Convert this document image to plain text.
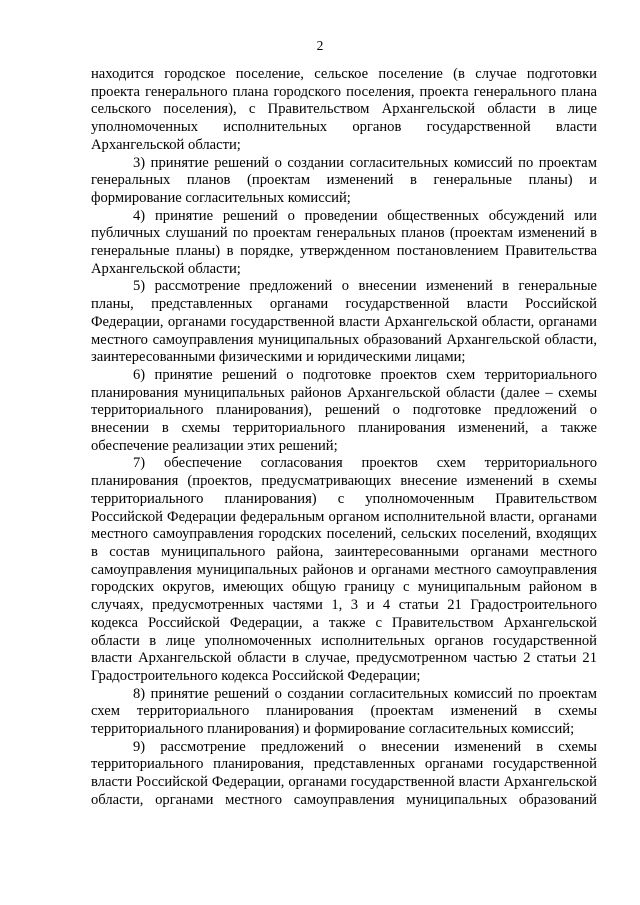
2

находится городское поселение, сельское поселение (в случае подготовки проекта генерального плана городского поселения, проекта генерального плана сельского поселения), с Правительством Архангельской области в лице уполномоченных исполнительных органов государственной власти Архангельской области;

3) принятие решений о создании согласительных комиссий по проектам генеральных планов (проектам изменений в генеральные планы) и формирование согласительных комиссий;

4) принятие решений о проведении общественных обсуждений или публичных слушаний по проектам генеральных планов (проектам изменений в генеральные планы) в порядке, утвержденном постановлением Правительства Архангельской области;

5) рассмотрение предложений о внесении изменений в генеральные планы, представленных органами государственной власти Российской Федерации, органами государственной власти Архангельской области, органами местного самоуправления муниципальных образований Архангельской области, заинтересованными физическими и юридическими лицами;

6) принятие решений о подготовке проектов схем территориального планирования муниципальных районов Архангельской области (далее – схемы территориального планирования), решений о подготовке предложений о внесении в схемы территориального планирования изменений, а также обеспечение реализации этих решений;

7) обеспечение согласования проектов схем территориального планирования (проектов, предусматривающих внесение изменений в схемы территориального планирования) с уполномоченным Правительством Российской Федерации федеральным органом исполнительной власти, органами местного самоуправления городских поселений, сельских поселений, входящих в состав муниципального района, заинтересованными органами местного самоуправления муниципальных районов и органами местного самоуправления городских округов, имеющих общую границу с муниципальным районом в случаях, предусмотренных частями 1, 3 и 4 статьи 21 Градостроительного кодекса Российской Федерации, а также с Правительством Архангельской области в лице уполномоченных исполнительных органов государственной власти Архангельской области в случае, предусмотренном частью 2 статьи 21 Градостроительного кодекса Российской Федерации;

8) принятие решений о создании согласительных комиссий по проектам схем территориального планирования (проектам изменений в схемы территориального планирования) и формирование согласительных комиссий;

9) рассмотрение предложений о внесении изменений в схемы территориального планирования, представленных органами государственной власти Российской Федерации, органами государственной власти Архангельской области, органами местного самоуправления муниципальных образований
